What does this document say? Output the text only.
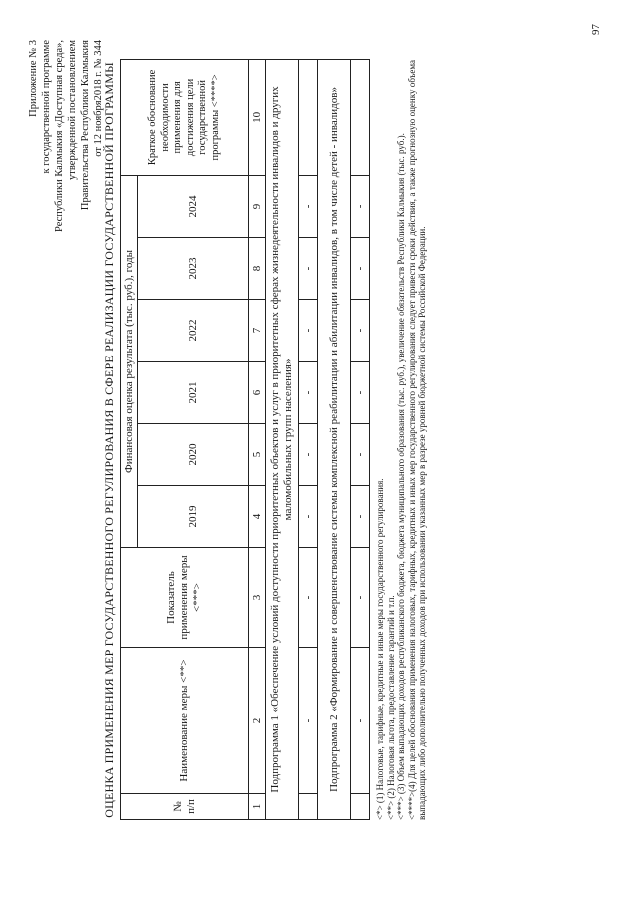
Приложение № 3 к государственной программе Республики Калмыкия «Доступная среда», утвержденной постановлением Правительства Республики Калмыкия от 12 ноября2018 г. № 344
ОЦЕНКА ПРИМЕНЕНИЯ МЕР ГОСУДАРСТВЕННОГО РЕГУЛИРОВАНИЯ В СФЕРЕ РЕАЛИЗАЦИИ ГОСУДАРСТВЕННОЙ ПРОГРАММЫ	№ п/п	Наименование меры <**>	Показатель применения меры <***>	Финансовая оценка результата (тыс. руб.), годы						Краткое обоснование необходимости применения для достижения цели государственной программы <****>
			2019	2020	2021	2022	2023	2024	
1	2	3	4	5	6	7	8	9	10
Подпрограмма 1 «Обеспечение условий доступности приоритетных объектов и услуг в приоритетных сферах жизнедеятельности инвалидов и других маломобильных групп населения»									
	-	-	-	-	-	-	-	-	
Подпрограмма 2 «Формирование и совершенствование системы комплексной реабилитации и абилитации инвалидов, в том числе детей - инвалидов»									
	-	-	-	-	-	-	-	-	
<*> (1) Налоговые, тарифные, кредитные и иные меры государственного регулирования. <**> (2) Налоговая льгота, предоставление гарантий и т.п. <***> (3) Объем выпадающих доходов республиканского бюджета, бюджета муниципального образования (тыс. руб.), увеличение обязательств Республики Калмыкия (тыс. руб.). <****>(4) Для целей обоснования применения налоговых, тарифных, кредитных и иных мер государственного регулирования следует привести сроки действия, а также прогнозную оценку объема выпадающих либо дополнительно полученных доходов при использовании указанных мер в разрезе уровней бюджетной системы Российской Федерации.
97
